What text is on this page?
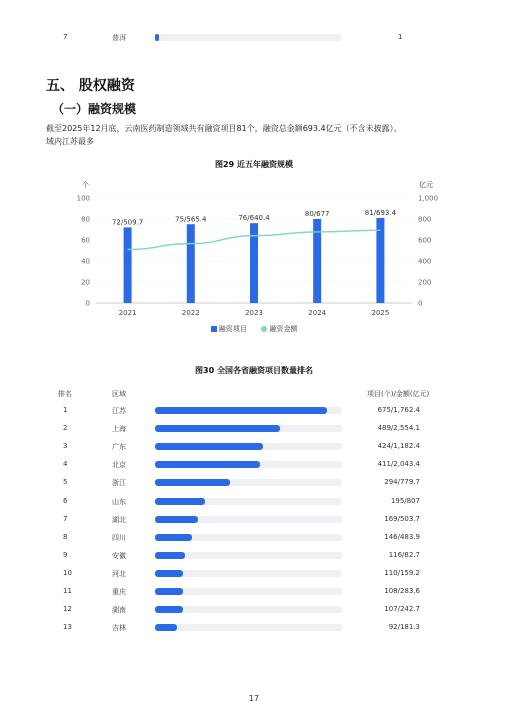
7	普洱	1
五、 股权融资
（一）融资规模
截至2025年12月底，云南医药制造领域共有融资项目81个，融资总金额693.4亿元（不含未披露）。
域内江苏最多
图29 近五年融资规模
个	亿元
0	0
20	200
40	400
60	600
80	800
100	1,000
72/509.7	75/565.4	76/640.4
80/677	81/693.4
2021	2022	2023	2024	2025
融资项目	融资金额
图30 全国各省融资项目数量排名
排名	区域	项目(个)/金额(亿元)
1	江苏	675/1,762.4
2	上海	489/2,554.1
3	广东	424/1,182.4
4	北京	411/2,043.4
5	浙江	294/779.7
6	山东	195/807
7	湖北	169/503.7
8	四川	146/483.9
9	安徽	116/82.7
10	河北	110/159.2
11	重庆	108/283.6
12	湖南	107/242.7
13	吉林	92/181.3
17
